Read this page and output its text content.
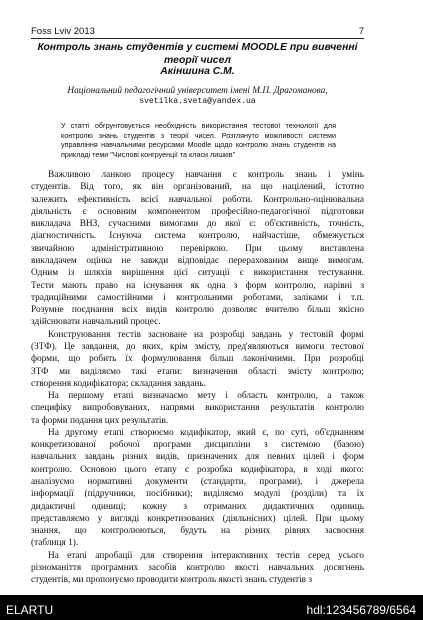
Foss Lviv 2013	7
Контроль знань студентів у системі MOODLE при вивченні
теорії чисел
Акіншина С.М.
Національний педагогічний університет імені М.П. Драгоманова,
svetilka.sveta@yandex.ua
У статті обгрунтовується необхідність використання тестової технології для контролю знань студентів з теорії чисел. Розглянуто можливості системи управління навчальними ресурсами Moodle щодо контролю знань студентів на прикладі теми "Числові конгруенції та класи лишків"

Важливою ланкою процесу навчання є контроль знань і умінь
студентів. Від того, як він організований, на що націлений, істотно
залежить ефективність всієї навчальної роботи. Контрольно-оцінювальна
діяльність є основним компонентом професійно-педагогічної підготовки
викладача ВНЗ, сучасними вимогами до якої є: об'єктивність, точність,
діагностичність. Існуюча система контролю, найчастіше, обмежується
звичайною адміністративною перевіркою. При цьому виставлена
викладачем оцінка не завжди відповідає перерахованим вище вимогам.
Одним із шляхів вирішення цієї ситуації є використання тестування.
Тести мають право на існування як одна з форм контролю, нарівні з
традиційними самостійними і контрольними роботами, заліками і т.п.
Розумне поєднання всіх видів контролю дозволяє вчителю більш якісно
здійснювати навчальний процес.

Конструювання тестів засноване на розробці завдань у тестовій формі
(ЗТФ). Це завдання, до яких, крім змісту, пред'являються вимоги тестової
форми, що робить їх формулювання більш лаконічними. При розробці
ЗТФ ми виділяємо такі етапи: визначення області змісту контролю;
створення кодифікатора; складання завдань.

На першому етапі визначаємо мету і область контролю, а також
специфіку випробовуваних, напрями використання результатів контролю
та форми подання цих результатів.

На другому етапі створюємо кодифікатор, який є, по суті, об'єднанням
конкретизованої робочої програми дисципліни з системою (базою)
навчальних завдань різних видів, призначених для певних цілей і форм
контролю. Основою цього етапу є розробка кодифікатора, в ході якого:
аналізуємо нормативні документи (стандарти, програми), і джерела
інформації (підручники, посібники); виділяємо модулі (розділи) та їх
дидактичні одиниці; кожну з отриманих дидактичних одиниць
представляємо у вигляді конкретизованих (діяльнісних) цілей. При цьому
знання, що контролюються, будуть на різних рівнях засвоєння
(таблиця 1).

На етапі апробації для створення інтерактивних тестів серед усього
різноманіття програмних засобів контролю якості навчальних досягнень
студентів, ми пропонуємо проводити контроль якості знань студентів з

ELARTU	hdl:123456789/6564
